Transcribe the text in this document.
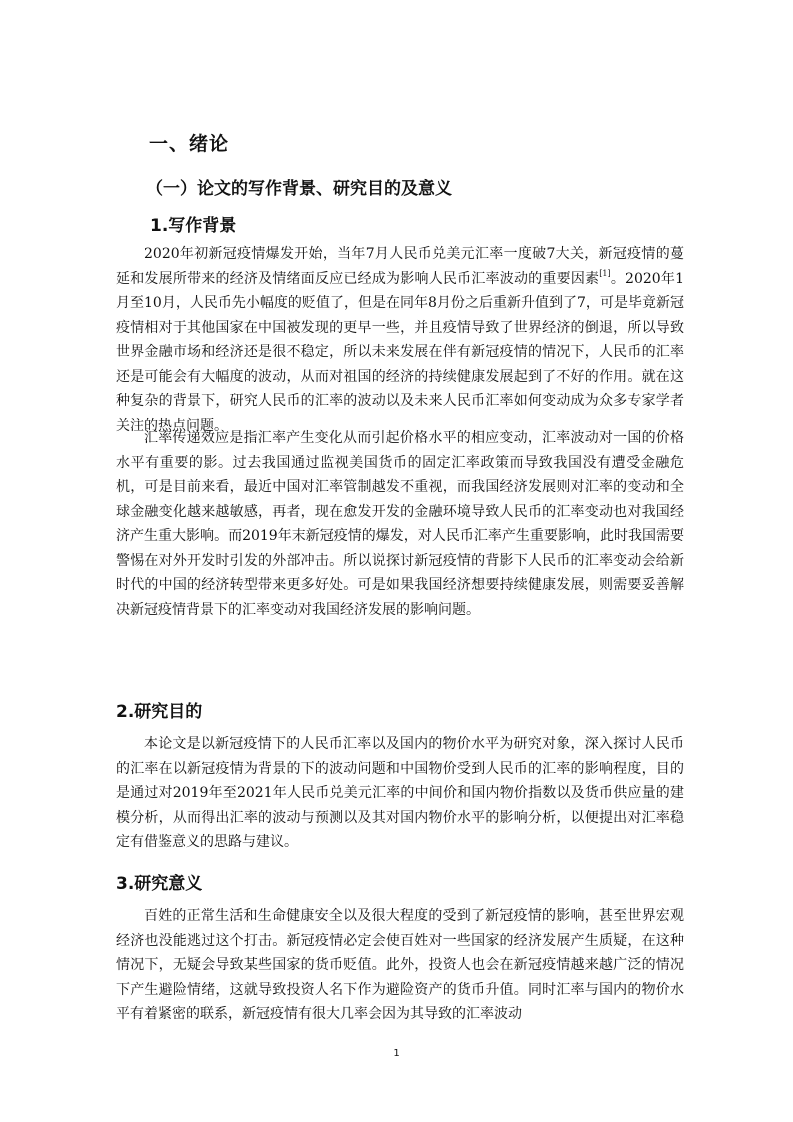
一、绪论
（一）论文的写作背景、研究目的及意义
1.写作背景

2020年初新冠疫情爆发开始，当年7月人民币兑美元汇率一度破7大关，新冠疫情的蔓延和发展所带来的经济及情绪面反应已经成为影响人民币汇率波动的重要因素[1]。2020年1月至10月，人民币先小幅度的贬值了，但是在同年8月份之后重新升值到了7，可是毕竟新冠疫情相对于其他国家在中国被发现的更早一些，并且疫情导致了世界经济的倒退，所以导致世界金融市场和经济还是很不稳定，所以未来发展在伴有新冠疫情的情况下，人民币的汇率还是可能会有大幅度的波动，从而对祖国的经济的持续健康发展起到了不好的作用。就在这种复杂的背景下，研究人民币的汇率的波动以及未来人民币汇率如何变动成为众多专家学者关注的热点问题。

汇率传递效应是指汇率产生变化从而引起价格水平的相应变动，汇率波动对一国的价格水平有重要的影。过去我国通过监视美国货币的固定汇率政策而导致我国没有遭受金融危机，可是目前来看，最近中国对汇率管制越发不重视，而我国经济发展则对汇率的变动和全球金融变化越来越敏感，再者，现在愈发开发的金融环境导致人民币的汇率变动也对我国经济产生重大影响。而2019年末新冠疫情的爆发，对人民币汇率产生重要影响，此时我国需要警惕在对外开发时引发的外部冲击。所以说探讨新冠疫情的背影下人民币的汇率变动会给新时代的中国的经济转型带来更多好处。可是如果我国经济想要持续健康发展，则需要妥善解决新冠疫情背景下的汇率变动对我国经济发展的影响问题。

2.研究目的

本论文是以新冠疫情下的人民币汇率以及国内的物价水平为研究对象，深入探讨人民币的汇率在以新冠疫情为背景的下的波动问题和中国物价受到人民币的汇率的影响程度，目的是通过对2019年至2021年人民币兑美元汇率的中间价和国内物价指数以及货币供应量的建模分析，从而得出汇率的波动与预测以及其对国内物价水平的影响分析，以便提出对汇率稳定有借鉴意义的思路与建议。

3.研究意义

百姓的正常生活和生命健康安全以及很大程度的受到了新冠疫情的影响，甚至世界宏观经济也没能逃过这个打击。新冠疫情必定会使百姓对一些国家的经济发展产生质疑，在这种情况下，无疑会导致某些国家的货币贬值。此外，投资人也会在新冠疫情越来越广泛的情况下产生避险情绪，这就导致投资人名下作为避险资产的货币升值。同时汇率与国内的物价水平有着紧密的联系，新冠疫情有很大几率会因为其导致的汇率波动

1
